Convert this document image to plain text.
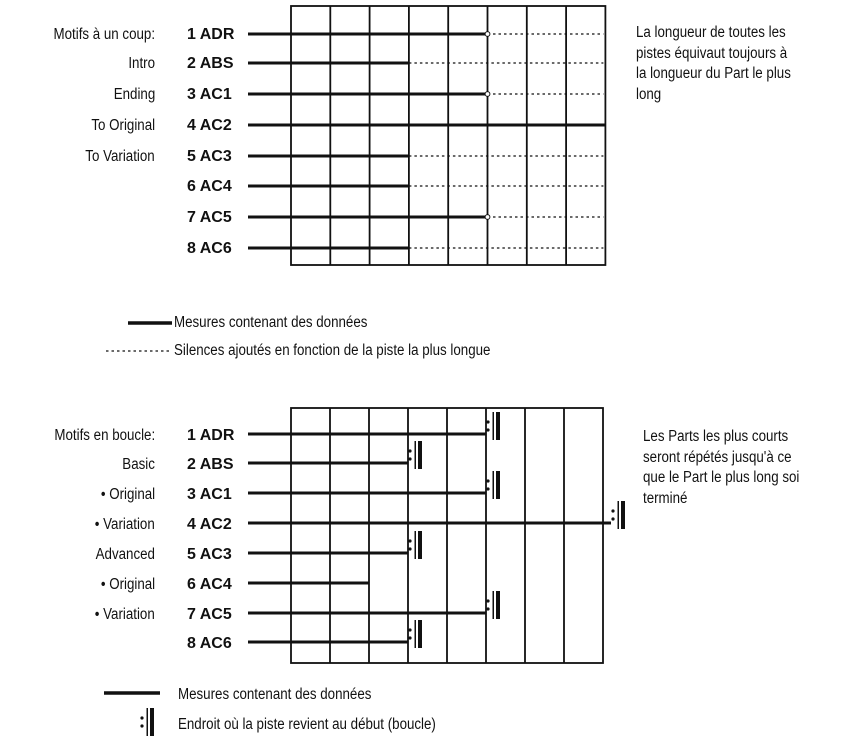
Motifs à un coup:
Intro
Ending
To Original
To Variation
1 ADR
2 ABS
3 AC1
4 AC2
5 AC3
6 AC4
7 AC5
8 AC6
La longueur de toutes les
pistes équivaut toujours à
la longueur du Part le plus
long
Mesures contenant des données
Silences ajoutés en fonction de la piste la plus longue
Motifs en boucle:
Basic
• Original
• Variation
Advanced
• Original
• Variation
1 ADR
2 ABS
3 AC1
4 AC2
5 AC3
6 AC4
7 AC5
8 AC6
Les Parts les plus courts
seront répétés jusqu'à ce
que le Part le plus long soi
terminé
Mesures contenant des données
Endroit où la piste revient au début (boucle)
